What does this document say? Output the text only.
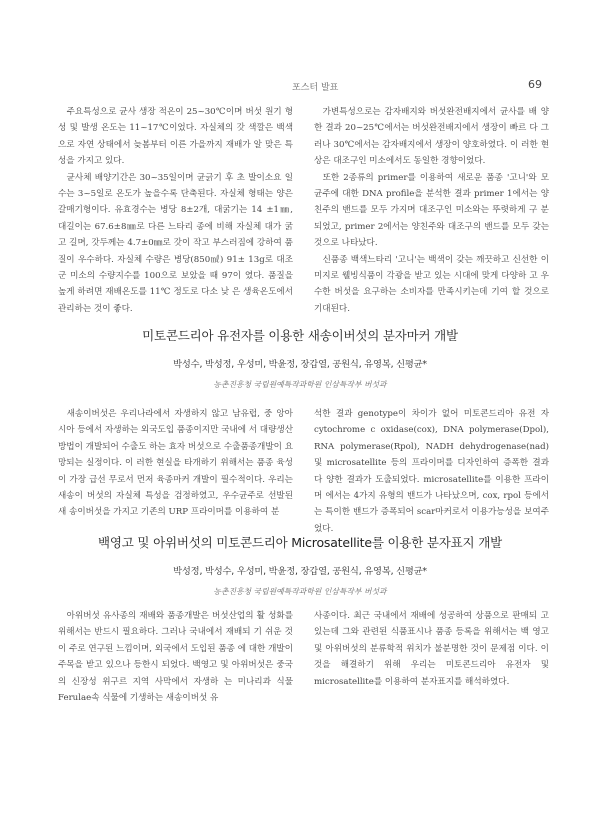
포스터 발표	69

주요특성으로 균사 생장 적온이 25~30℃이며 버섯 원기 형성 및 발생 온도는 11~17℃이었다. 자실체의 갓 색깔은 백색으로 자연 상태에서 늦봄부터 이른 가을까지 재배가 알 맞은 특성을 가지고 있다.

균사체 배양기간은 30~35일이며 균긁기 후 초 발이소요 일수는 3~5일로 온도가 높을수록 단축된다. 자실체 형태는 양은 갈매기형이다. 유효경수는 병당 8±2개, 대굵기는 14 ±1㎜, 대길이는 67.6±8㎜로 다른 느타리 종에 비해 자실체 대가 굵고 길며, 갓두께는 4.7±0㎜로 갓이 작고 부스러짐에 강하여 품질이 우수하다. 자실체 수량은 병당(850㎖) 91± 13g로 대조군 미소의 수량지수를 100으로 보았을 때 97이 였다. 품질을 높게 하려면 재배온도를 11℃ 정도로 다소 낮 은 생육온도에서 관리하는 것이 좋다.

가변특성으로는 감자배지와 버섯완전배지에서 균사를 배 양한 결과 20~25℃에서는 버섯완전배지에서 생장이 빠르 다 그러나 30℃에서는 감자배지에서 생장이 양호하였다. 이 러한 현상은 대조구인 미소에서도 동일한 경향이었다.

또한 2종류의 primer를 이용하여 새로운 품종 '고니'와 모 균주에 대한 DNA profile을 분석한 결과 primer 1에서는 양 친주의 밴드를 모두 가지며 대조구인 미소와는 뚜렷하게 구 분되었고, primer 2에서는 양친주와 대조구의 밴드를 모두 갖는 것으로 나타났다.

신품종 백색느타리 '고니'는 백색이 갖는 깨끗하고 신선한 이미지로 웰빙식품이 각광을 받고 있는 시대에 맞게 다양하 고 우수한 버섯을 요구하는 소비자를 만족시키는데 기여 할 것으로 기대된다.

미토콘드리아 유전자를 이용한 새송이버섯의 분자마커 개발
박성수, 박성정, 우성미, 박윤정, 장갑열, 공원식, 유영복, 신평균*
농촌진흥청 국립원예특작과학원 인삼특작부 버섯과

새송이버섯은 우리나라에서 자생하지 않고 남유럽, 중 앙아시아 등에서 자생하는 외국도입 품종이지만 국내에 서 대량생산 방법이 개발되어 수출도 하는 효자 버섯으로 수출품종개발이 요망되는 실정이다. 이 러한 현실을 타개하기 위해서는 품종 육성이 가장 급선 무로서 먼저 육종마커 개발이 필수적이다. 우리는 새송이 버섯의 자실체 특성을 검정하였고, 우수균주로 선발된 새 송이버섯을 가지고 기존의 URP 프라이머를 이용하여 분

석한 결과 genotype이 차이가 없어 미토콘드리아 유전 자 cytochrome c oxidase(cox), DNA polymerase(Dpol), RNA polymerase(Rpol), NADH dehydrogenase(nad) 및 microsatellite 등의 프라이머를 디자인하여 증폭한 결과 다 양한 결과가 도출되었다. microsatellite를 이용한 프라이머 에서는 4가지 유형의 밴드가 나타났으며, cox, rpol 등에서는 특이한 밴드가 증폭되어 scar마커로서 이용가능성을 보여주 었다.

백영고 및 아위버섯의 미토콘드리아 Microsatellite를 이용한 분자표지 개발
박성정, 박성수, 우성미, 박윤정, 장갑열, 공원식, 유영복, 신평균*
농촌진흥청 국립원예특작과학원 인삼특작부 버섯과

아위버섯 유사종의 재배와 품종개발은 버섯산업의 활 성화를 위해서는 반드시 필요하다. 그러나 국내에서 재배되 기 쉬운 것이 주로 연구된 느낌이며, 외국에서 도입된 품종 에 대한 개발이 주목을 받고 있으나 등한시 되었다. 백영고 및 아위버섯은 중국의 신장성 위구르 지역 사막에서 자생하 는 미나리과 식물 Ferulae속 식물에 기생하는 새송이버섯 유

사종이다. 최근 국내에서 재배에 성공하여 상품으로 판매되 고 있는데 그와 관련된 식품표시나 품종 등록을 위해서는 백 영고 및 아위버섯의 분류학적 위치가 불분명한 것이 문제점 이다. 이것을 해결하기 위해 우리는 미토콘드리아 유전자 및 microsatellite를 이용하여 분자표지를 해석하였다.
